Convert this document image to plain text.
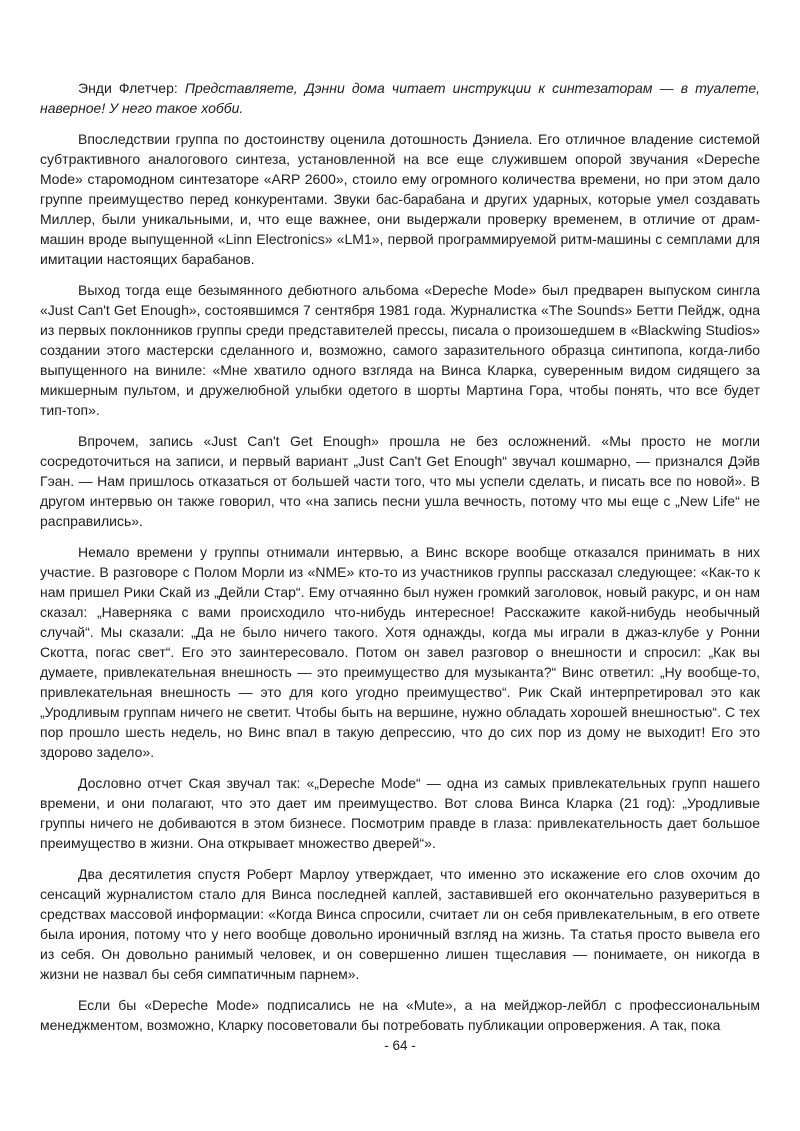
Энди Флетчер: Представляете, Дэнни дома читает инструкции к синтезаторам — в туалете, наверное! У него такое хобби.

Впоследствии группа по достоинству оценила дотошность Дэниела. Его отличное владение системой субтрактивного аналогового синтеза, установленной на все еще служившем опорой звучания «Depeche Mode» старомодном синтезаторе «ARP 2600», стоило ему огромного количества времени, но при этом дало группе преимущество перед конкурентами. Звуки бас-барабана и других ударных, которые умел создавать Миллер, были уникальными, и, что еще важнее, они выдержали проверку временем, в отличие от драм-машин вроде выпущенной «Linn Electronics» «LM1», первой программируемой ритм-машины с семплами для имитации настоящих барабанов.

Выход тогда еще безымянного дебютного альбома «Depeche Mode» был предварен выпуском сингла «Just Can't Get Enough», состоявшимся 7 сентября 1981 года. Журналистка «The Sounds» Бетти Пейдж, одна из первых поклонников группы среди представителей прессы, писала о произошедшем в «Blackwing Studios» создании этого мастерски сделанного и, возможно, самого заразительного образца синтипопа, когда-либо выпущенного на виниле: «Мне хватило одного взгляда на Винса Кларка, суверенным видом сидящего за микшерным пультом, и дружелюбной улыбки одетого в шорты Мартина Гора, чтобы понять, что все будет тип-топ».

Впрочем, запись «Just Can't Get Enough» прошла не без осложнений. «Мы просто не могли сосредоточиться на записи, и первый вариант „Just Can't Get Enough“ звучал кошмарно, — признался Дэйв Гэан. — Нам пришлось отказаться от большей части того, что мы успели сделать, и писать все по новой». В другом интервью он также говорил, что «на запись песни ушла вечность, потому что мы еще с „New Life“ не расправились».

Немало времени у группы отнимали интервью, а Винс вскоре вообще отказался принимать в них участие. В разговоре с Полом Морли из «NME» кто-то из участников группы рассказал следующее: «Как-то к нам пришел Рики Скай из „Дейли Стар“. Ему отчаянно был нужен громкий заголовок, новый ракурс, и он нам сказал: „Наверняка с вами происходило что-нибудь интересное! Расскажите какой-нибудь необычный случай“. Мы сказали: „Да не было ничего такого. Хотя однажды, когда мы играли в джаз-клубе у Ронни Скотта, погас свет“. Его это заинтересовало. Потом он завел разговор о внешности и спросил: „Как вы думаете, привлекательная внешность — это преимущество для музыканта?“ Винс ответил: „Ну вообще-то, привлекательная внешность — это для кого угодно преимущество“. Рик Скай интерпретировал это как „Уродливым группам ничего не светит. Чтобы быть на вершине, нужно обладать хорошей внешностью“. С тех пор прошло шесть недель, но Винс впал в такую депрессию, что до сих пор из дому не выходит! Его это здорово задело».

Дословно отчет Ская звучал так: «„Depeche Mode“ — одна из самых привлекательных групп нашего времени, и они полагают, что это дает им преимущество. Вот слова Винса Кларка (21 год): „Уродливые группы ничего не добиваются в этом бизнесе. Посмотрим правде в глаза: привлекательность дает большое преимущество в жизни. Она открывает множество дверей“».

Два десятилетия спустя Роберт Марлоу утверждает, что именно это искажение его слов охочим до сенсаций журналистом стало для Винса последней каплей, заставившей его окончательно разувериться в средствах массовой информации: «Когда Винса спросили, считает ли он себя привлекательным, в его ответе была ирония, потому что у него вообще довольно ироничный взгляд на жизнь. Та статья просто вывела его из себя. Он довольно ранимый человек, и он совершенно лишен тщеславия — понимаете, он никогда в жизни не назвал бы себя симпатичным парнем».

Если бы «Depeche Mode» подписались не на «Mute», а на мейджор-лейбл с профессиональным менеджментом, возможно, Кларку посоветовали бы потребовать публикации опровержения. А так, пока

- 64 -
